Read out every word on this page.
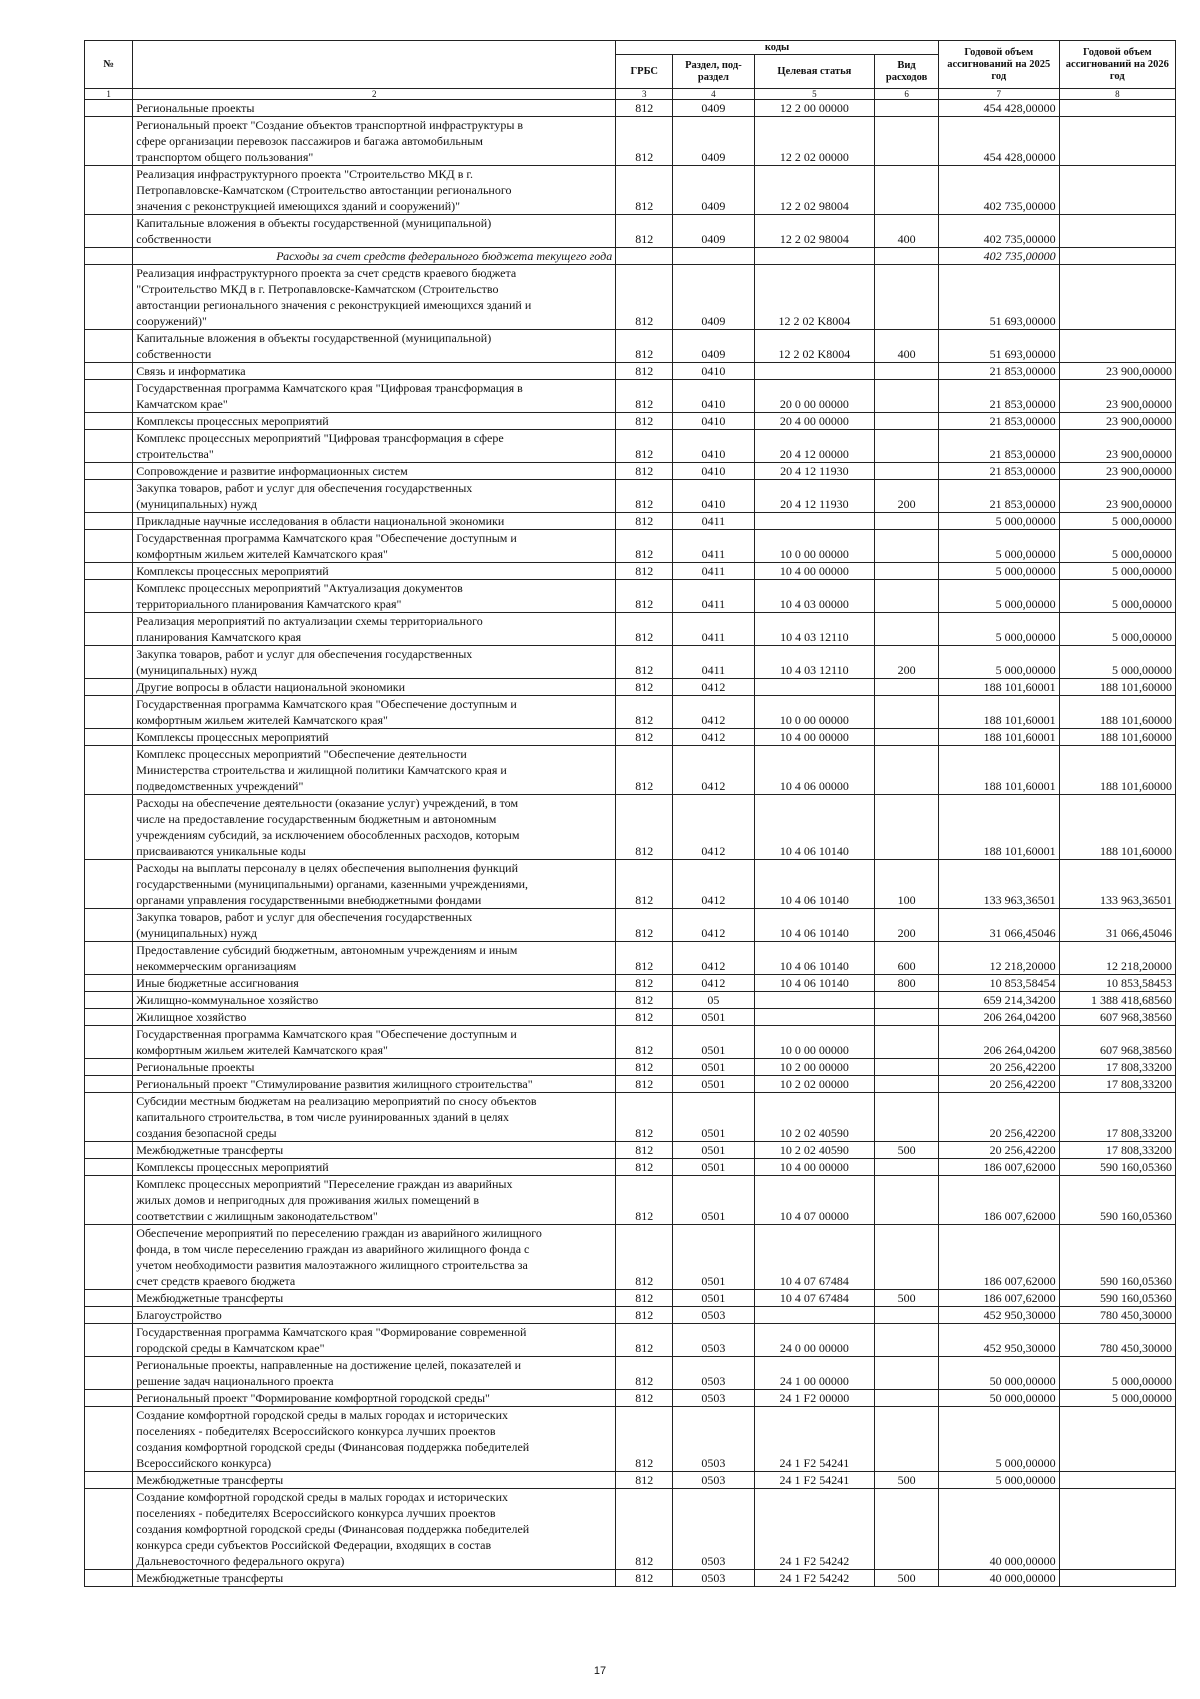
№		коды				Годовой объем ассигнований на 2025 год	Годовой объем ассигнований на 2026 год
		ГРБС	Раздел, под-раздел	Целевая статья	Вид расходов		
1	2	3	4	5	6	7	8
	Региональные проекты	812	0409	12 2 00 00000		454 428,00000	
	Региональный проект "Создание объектов транспортной инфраструктуры в
сфере организации перевозок пассажиров и багажа автомобильным
транспортом общего пользования"	812	0409	12 2 02 00000		454 428,00000	
	Реализация инфраструктурного проекта "Строительство МКД в г.
Петропавловске-Камчатском (Строительство автостанции регионального
значения с реконструкцией имеющихся зданий и сооружений)"	812	0409	12 2 02 98004		402 735,00000	
	Капитальные вложения в объекты государственной (муниципальной)
собственности	812	0409	12 2 02 98004	400	402 735,00000	
	Расходы за счет средств федерального бюджета текущего года					402 735,00000	
	Реализация инфраструктурного проекта за счет средств краевого бюджета
"Строительство МКД в г. Петропавловске-Камчатском (Строительство
автостанции регионального значения с реконструкцией имеющихся зданий и
сооружений)"	812	0409	12 2 02 K8004		51 693,00000	
	Капитальные вложения в объекты государственной (муниципальной)
собственности	812	0409	12 2 02 K8004	400	51 693,00000	
	Связь и информатика	812	0410			21 853,00000	23 900,00000
	Государственная программа Камчатского края "Цифровая трансформация в
Камчатском крае"	812	0410	20 0 00 00000		21 853,00000	23 900,00000
	Комплексы процессных мероприятий	812	0410	20 4 00 00000		21 853,00000	23 900,00000
	Комплекс процессных мероприятий "Цифровая трансформация в сфере
строительства"	812	0410	20 4 12 00000		21 853,00000	23 900,00000
	Сопровождение и развитие информационных систем	812	0410	20 4 12 11930		21 853,00000	23 900,00000
	Закупка товаров, работ и услуг для обеспечения государственных
(муниципальных) нужд	812	0410	20 4 12 11930	200	21 853,00000	23 900,00000
	Прикладные научные исследования в области национальной экономики	812	0411			5 000,00000	5 000,00000
	Государственная программа Камчатского края "Обеспечение доступным и
комфортным жильем жителей Камчатского края"	812	0411	10 0 00 00000		5 000,00000	5 000,00000
	Комплексы процессных мероприятий	812	0411	10 4 00 00000		5 000,00000	5 000,00000
	Комплекс процессных мероприятий "Актуализация документов
территориального планирования Камчатского края"	812	0411	10 4 03 00000		5 000,00000	5 000,00000
	Реализация мероприятий по актуализации схемы территориального
планирования Камчатского края	812	0411	10 4 03 12110		5 000,00000	5 000,00000
	Закупка товаров, работ и услуг для обеспечения государственных
(муниципальных) нужд	812	0411	10 4 03 12110	200	5 000,00000	5 000,00000
	Другие вопросы в области национальной экономики	812	0412			188 101,60001	188 101,60000
	Государственная программа Камчатского края "Обеспечение доступным и
комфортным жильем жителей Камчатского края"	812	0412	10 0 00 00000		188 101,60001	188 101,60000
	Комплексы процессных мероприятий	812	0412	10 4 00 00000		188 101,60001	188 101,60000
	Комплекс процессных мероприятий "Обеспечение деятельности
Министерства строительства и жилищной политики Камчатского края и
подведомственных учреждений"	812	0412	10 4 06 00000		188 101,60001	188 101,60000
	Расходы на обеспечение деятельности (оказание услуг) учреждений, в том
числе на предоставление государственным бюджетным и автономным
учреждениям субсидий, за исключением обособленных расходов, которым
присваиваются уникальные коды	812	0412	10 4 06 10140		188 101,60001	188 101,60000
	Расходы на выплаты персоналу в целях обеспечения выполнения функций
государственными (муниципальными) органами, казенными учреждениями,
органами управления государственными внебюджетными фондами	812	0412	10 4 06 10140	100	133 963,36501	133 963,36501
	Закупка товаров, работ и услуг для обеспечения государственных
(муниципальных) нужд	812	0412	10 4 06 10140	200	31 066,45046	31 066,45046
	Предоставление субсидий бюджетным, автономным учреждениям и иным
некоммерческим организациям	812	0412	10 4 06 10140	600	12 218,20000	12 218,20000
	Иные бюджетные ассигнования	812	0412	10 4 06 10140	800	10 853,58454	10 853,58453
	Жилищно-коммунальное хозяйство	812	05			659 214,34200	1 388 418,68560
	Жилищное хозяйство	812	0501			206 264,04200	607 968,38560
	Государственная программа Камчатского края "Обеспечение доступным и
комфортным жильем жителей Камчатского края"	812	0501	10 0 00 00000		206 264,04200	607 968,38560
	Региональные проекты	812	0501	10 2 00 00000		20 256,42200	17 808,33200
	Региональный проект "Стимулирование развития жилищного строительства"	812	0501	10 2 02 00000		20 256,42200	17 808,33200
	Субсидии местным бюджетам на реализацию мероприятий по сносу объектов
капитального строительства, в том числе руинированных зданий в целях
создания безопасной среды	812	0501	10 2 02 40590		20 256,42200	17 808,33200
	Межбюджетные трансферты	812	0501	10 2 02 40590	500	20 256,42200	17 808,33200
	Комплексы процессных мероприятий	812	0501	10 4 00 00000		186 007,62000	590 160,05360
	Комплекс процессных мероприятий "Переселение граждан из аварийных
жилых домов и непригодных для проживания жилых помещений в
соответствии с жилищным законодательством"	812	0501	10 4 07 00000		186 007,62000	590 160,05360
	Обеспечение мероприятий по переселению граждан из аварийного жилищного
фонда, в том числе переселению граждан из аварийного жилищного фонда с
учетом необходимости развития малоэтажного жилищного строительства за
счет средств краевого бюджета	812	0501	10 4 07 67484		186 007,62000	590 160,05360
	Межбюджетные трансферты	812	0501	10 4 07 67484	500	186 007,62000	590 160,05360
	Благоустройство	812	0503			452 950,30000	780 450,30000
	Государственная программа Камчатского края "Формирование современной
городской среды в Камчатском крае"	812	0503	24 0 00 00000		452 950,30000	780 450,30000
	Региональные проекты, направленные на достижение целей, показателей и
решение задач национального проекта	812	0503	24 1 00 00000		50 000,00000	5 000,00000
	Региональный проект "Формирование комфортной городской среды"	812	0503	24 1 F2 00000		50 000,00000	5 000,00000
	Создание комфортной городской среды в малых городах и исторических
поселениях - победителях Всероссийского конкурса лучших проектов
создания комфортной городской среды (Финансовая поддержка победителей
Всероссийского конкурса)	812	0503	24 1 F2 54241		5 000,00000	
	Межбюджетные трансферты	812	0503	24 1 F2 54241	500	5 000,00000	
	Создание комфортной городской среды в малых городах и исторических
поселениях - победителях Всероссийского конкурса лучших проектов
создания комфортной городской среды (Финансовая поддержка победителей
конкурса среди субъектов Российской Федерации, входящих в состав
Дальневосточного федерального округа)	812	0503	24 1 F2 54242		40 000,00000	
	Межбюджетные трансферты	812	0503	24 1 F2 54242	500	40 000,00000	
17
